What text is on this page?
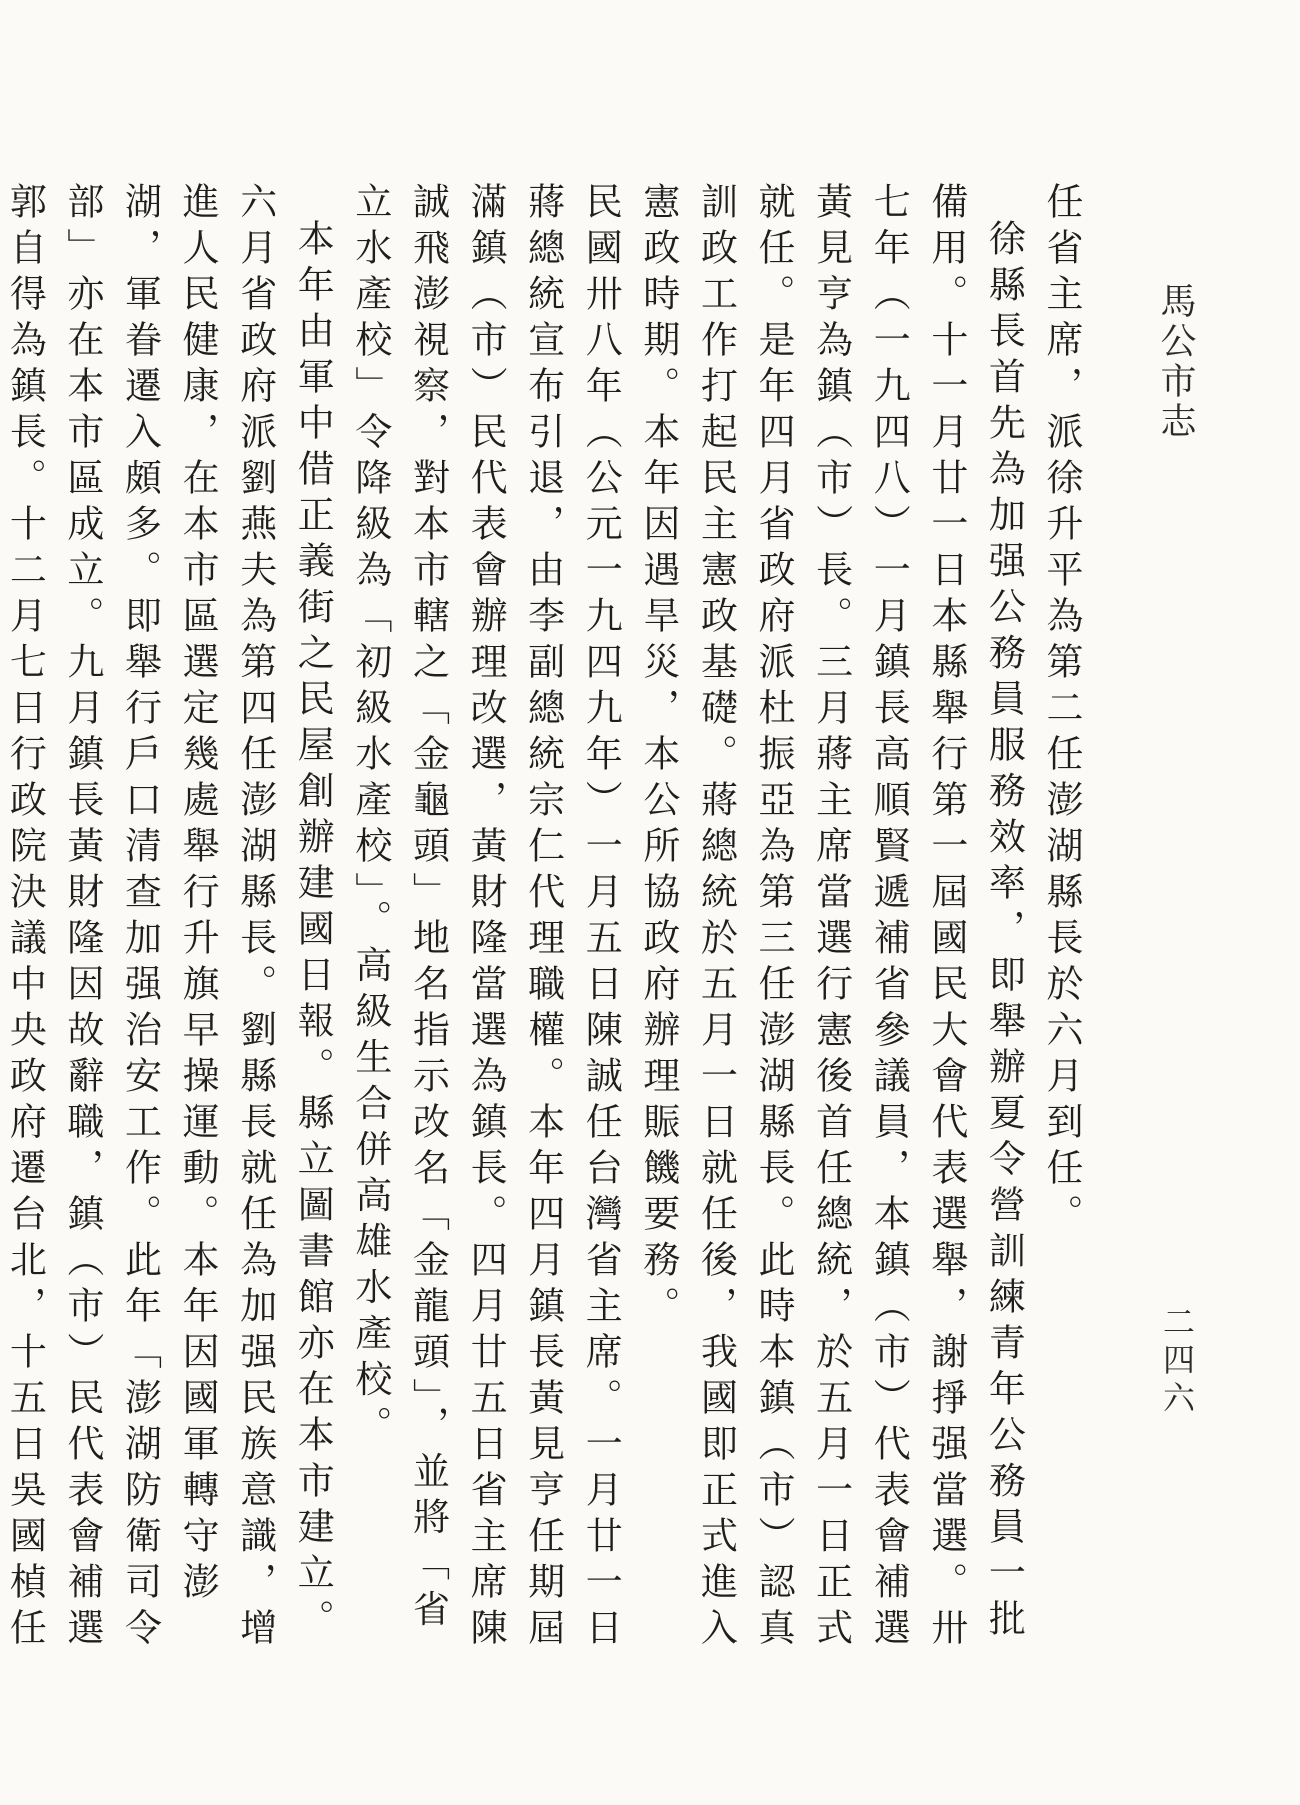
馬公市志
二四六

任省主席，派徐升平為第二任澎湖縣長於六月到任。

徐縣長首先為加强公務員服務效率，即舉辦夏令營訓練青年公務員一批備用。十一月廿一日本縣舉行第一屆國民大會代表選舉，謝掙强當選。卅七年（一九四八）一月鎮長高順賢遞補省參議員，本鎮（市）代表會補選黃見亨為鎮（市）長。三月蔣主席當選行憲後首任總統，於五月一日正式就任。是年四月省政府派杜振亞為第三任澎湖縣長。此時本鎮（市）認真訓政工作打起民主憲政基礎。蔣總統於五月一日就任後，我國即正式進入憲政時期。本年因遇旱災，本公所協政府辦理賑饑要務。

民國卅八年（公元一九四九年）一月五日陳誠任台灣省主席。一月廿一日蔣總統宣布引退，由李副總統宗仁代理職權。本年四月鎮長黃見亨任期屆滿鎮（市）民代表會辦理改選，黃財隆當選為鎮長。四月廿五日省主席陳誠飛澎視察，對本市轄之「金龜頭」地名指示改名「金龍頭」，並將「省立水產校」令降級為「初級水產校」。高級生合併高雄水產校。

本年由軍中借正義街之民屋創辦建國日報。縣立圖書館亦在本市建立。六月省政府派劉燕夫為第四任澎湖縣長。劉縣長就任為加强民族意識，增進人民健康，在本市區選定幾處舉行升旗早操運動。本年因國軍轉守澎湖，軍眷遷入頗多。即舉行戶口清查加强治安工作。此年「澎湖防衛司令部」亦在本市區成立。九月鎮長黃財隆因故辭職，鎮（市）民代表會補選郭自得為鎮長。十二月七日行政院決議中央政府遷台北，十五日吳國楨任
